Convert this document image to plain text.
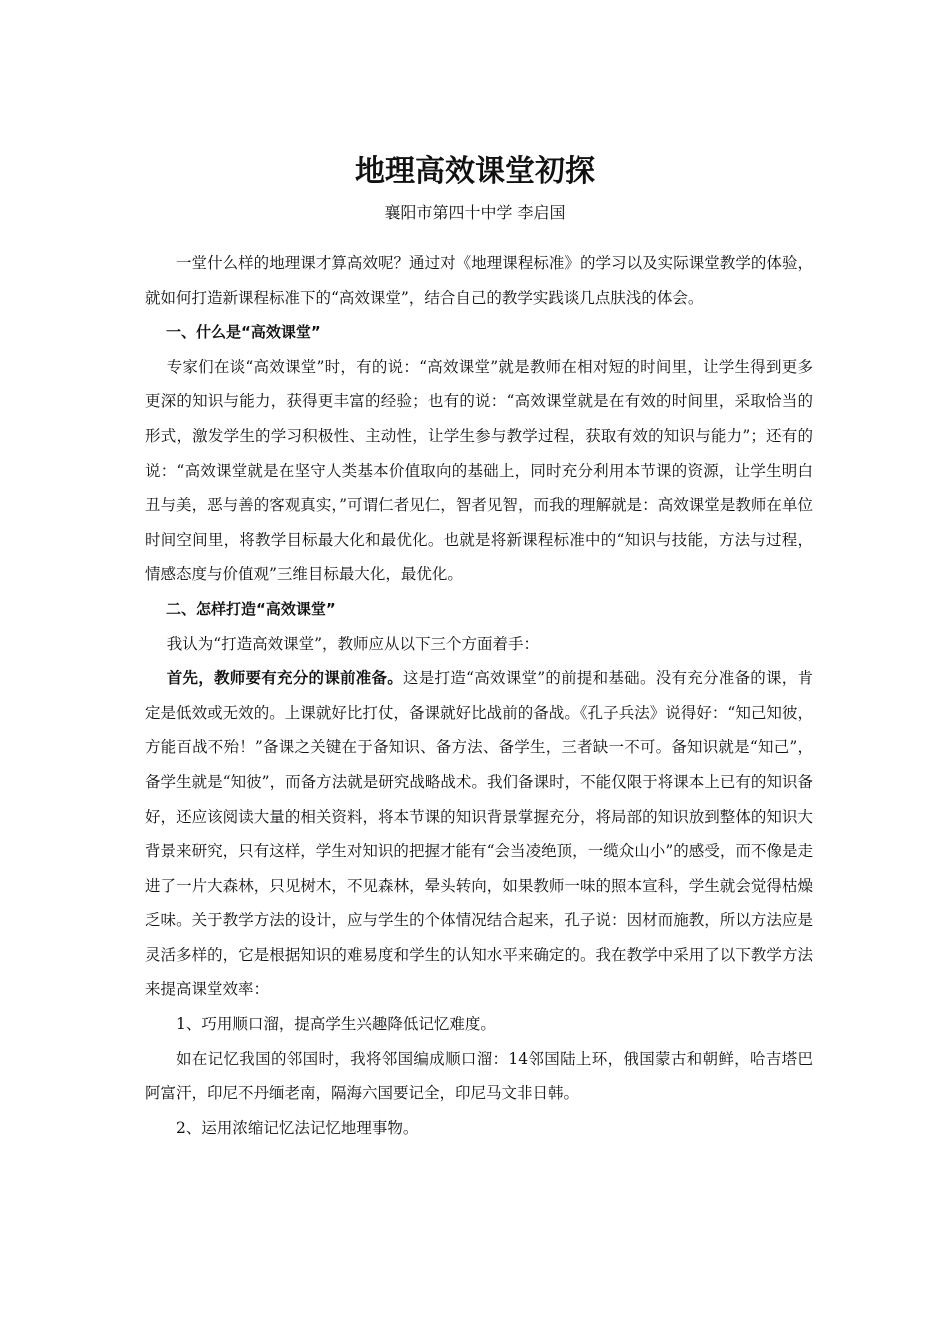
地理高效课堂初探
襄阳市第四十中学 李启国

一堂什么样的地理课才算高效呢？通过对《地理课程标准》的学习以及实际课堂教学的体验，就如何打造新课程标准下的“高效课堂”，结合自己的教学实践谈几点肤浅的体会。

一、什么是“高效课堂”

专家们在谈“高效课堂”时，有的说：“高效课堂”就是教师在相对短的时间里，让学生得到更多更深的知识与能力，获得更丰富的经验；也有的说：“高效课堂就是在有效的时间里，采取恰当的形式，激发学生的学习积极性、主动性，让学生参与教学过程，获取有效的知识与能力”；还有的说：“高效课堂就是在坚守人类基本价值取向的基础上，同时充分利用本节课的资源，让学生明白丑与美，恶与善的客观真实，”可谓仁者见仁，智者见智，而我的理解就是：高效课堂是教师在单位时间空间里，将教学目标最大化和最优化。也就是将新课程标准中的“知识与技能，方法与过程，情感态度与价值观”三维目标最大化，最优化。

二、怎样打造“高效课堂”

我认为“打造高效课堂”，教师应从以下三个方面着手：

首先，教师要有充分的课前准备。这是打造“高效课堂”的前提和基础。没有充分准备的课，肯定是低效或无效的。上课就好比打仗，备课就好比战前的备战。《孔子兵法》说得好：“知己知彼，方能百战不殆！”备课之关键在于备知识、备方法、备学生，三者缺一不可。备知识就是“知己”，备学生就是“知彼”，而备方法就是研究战略战术。我们备课时，不能仅限于将课本上已有的知识备好，还应该阅读大量的相关资料，将本节课的知识背景掌握充分，将局部的知识放到整体的知识大背景来研究，只有这样，学生对知识的把握才能有“会当凌绝顶，一缆众山小”的感受，而不像是走进了一片大森林，只见树木，不见森林，晕头转向，如果教师一味的照本宣科，学生就会觉得枯燥乏味。关于教学方法的设计，应与学生的个体情况结合起来，孔子说：因材而施教，所以方法应是灵活多样的，它是根据知识的难易度和学生的认知水平来确定的。我在教学中采用了以下教学方法来提高课堂效率：

1、巧用顺口溜，提高学生兴趣降低记忆难度。

如在记忆我国的邻国时，我将邻国编成顺口溜：14邻国陆上环，俄国蒙古和朝鲜，哈吉塔巴阿富汗，印尼不丹缅老南，隔海六国要记全，印尼马文非日韩。

2、运用浓缩记忆法记忆地理事物。
